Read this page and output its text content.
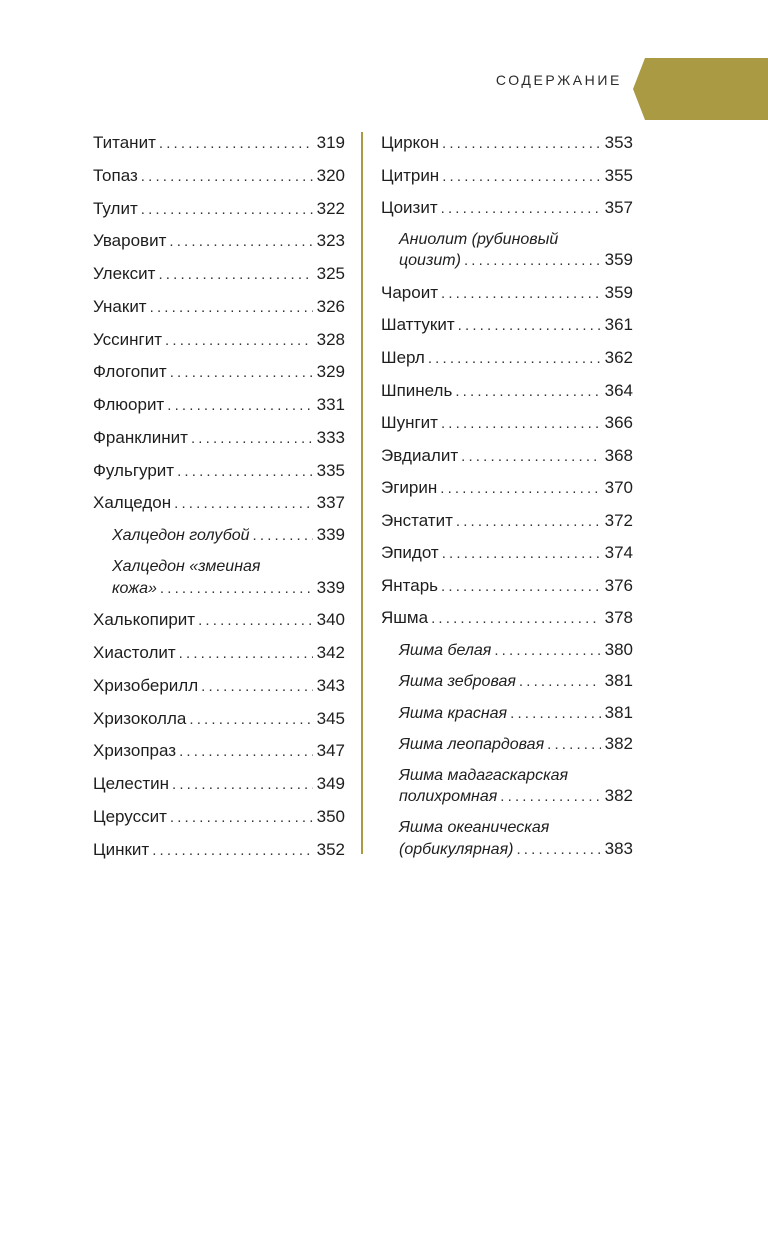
СОДЕРЖАНИЕ
Титанит . . .	319
Топаз . . .	320
Тулит . . .	322
Уваровит . . .	323
Улексит . . .	325
Унакит . . .	326
Уссингит . . .	328
Флогопит . . .	329
Флюорит . . .	331
Франклинит . . .	333
Фульгурит . . .	335
Халцедон . . .	337
Халцедон голубой . . .	339
Халцедон «змеиная
кожа» . . .	339
Халькопирит . . .	340
Хиастолит . . .	342
Хризоберилл . . .	343
Хризоколла . . .	345
Хризопраз . . .	347
Целестин . . .	349
Церуссит . . .	350
Цинкит . . .	352
Циркон . . .	353
Цитрин . . .	355
Цоизит . . .	357
Аниолит (рубиновый
цоизит) . . .	359
Чароит . . .	359
Шаттукит . . .	361
Шерл . . .	362
Шпинель . . .	364
Шунгит . . .	366
Эвдиалит . . .	368
Эгирин . . .	370
Энстатит . . .	372
Эпидот . . .	374
Янтарь . . .	376
Яшма . . .	378
Яшма белая . . .	380
Яшма зебровая . . .	381
Яшма красная . . .	381
Яшма леопардовая . . .	382
Яшма мадагаскарская
полихромная . . .	382
Яшма океаническая
(орбикулярная) . . .	383
